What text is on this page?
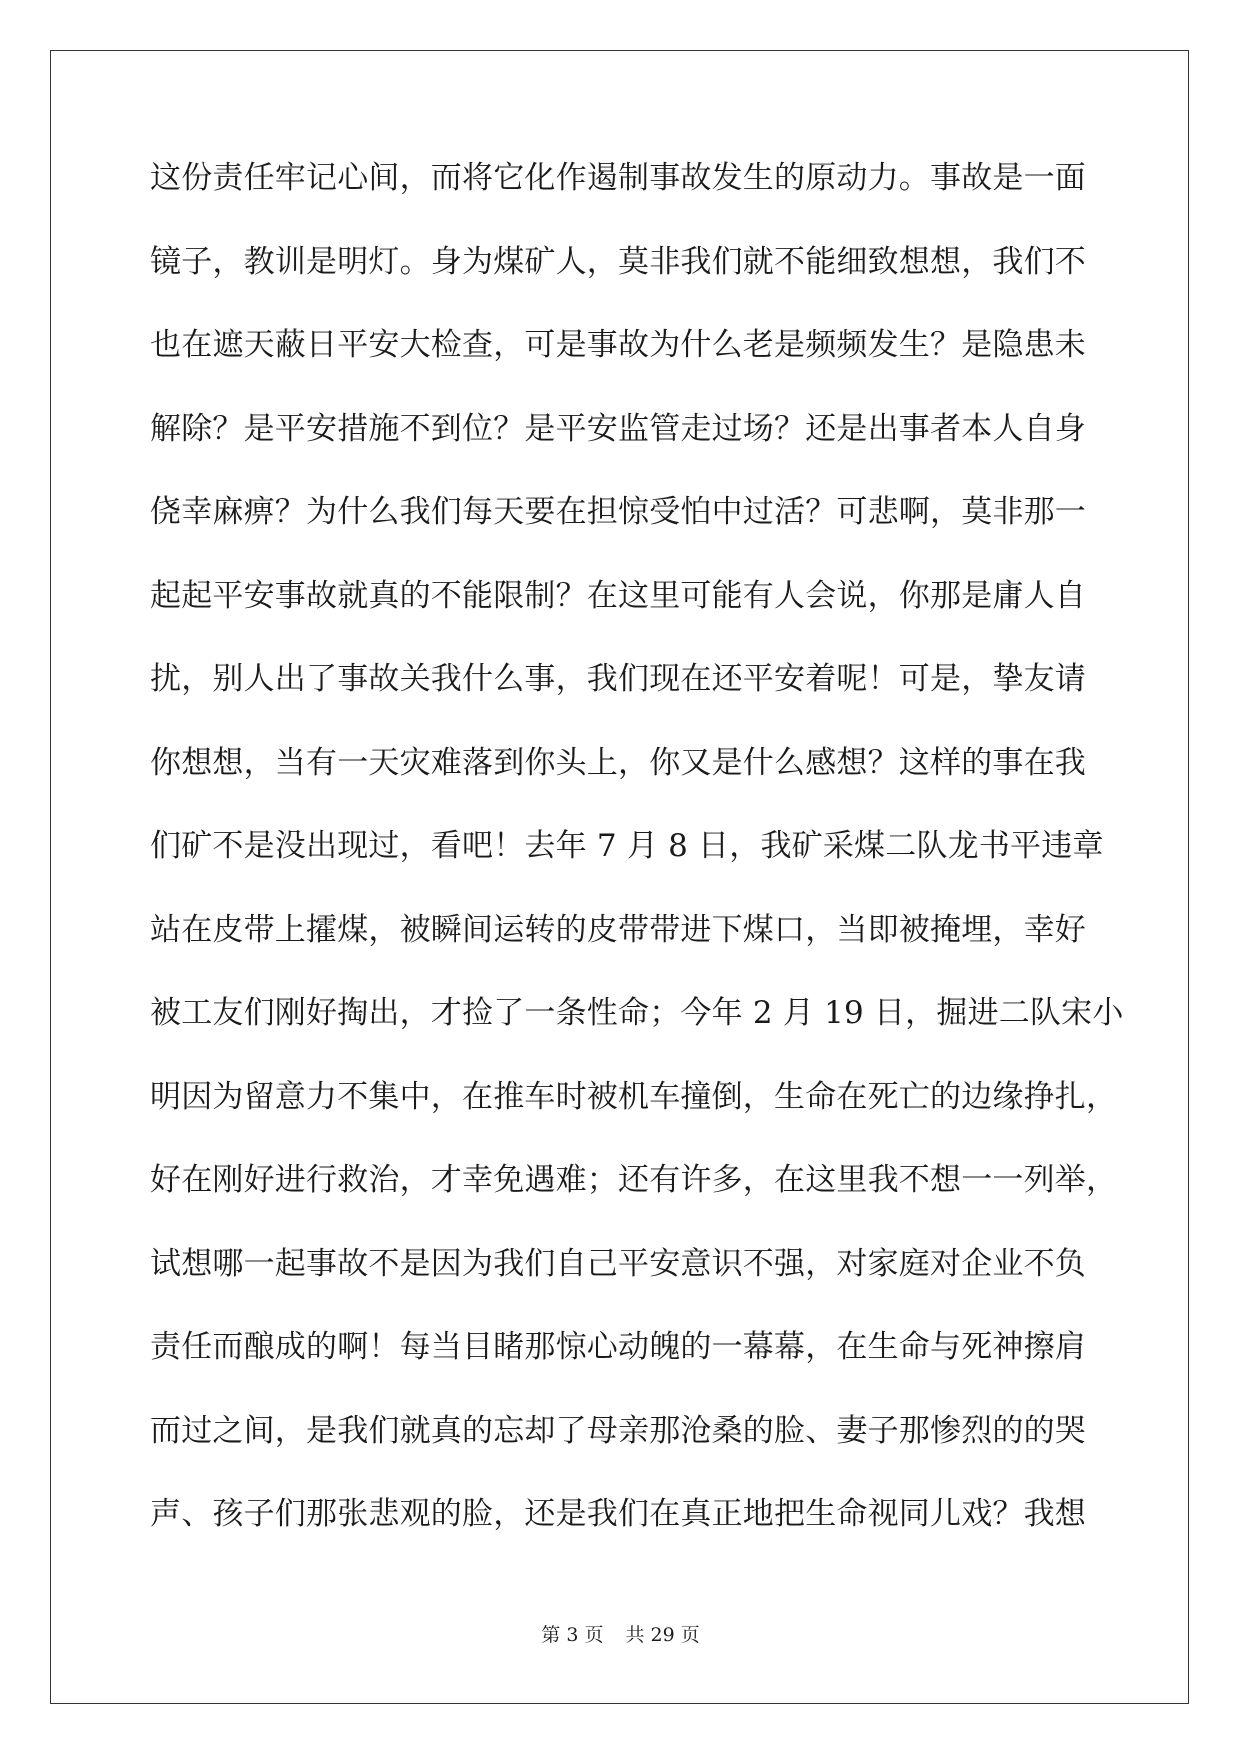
这份责任牢记心间，而将它化作遏制事故发生的原动力。事故是一面
镜子，教训是明灯。身为煤矿人，莫非我们就不能细致想想，我们不
也在遮天蔽日平安大检查，可是事故为什么老是频频发生？是隐患未
解除？是平安措施不到位？是平安监管走过场？还是出事者本人自身
侥幸麻痹？为什么我们每天要在担惊受怕中过活？可悲啊，莫非那一
起起平安事故就真的不能限制？在这里可能有人会说，你那是庸人自
扰，别人出了事故关我什么事，我们现在还平安着呢！可是，挚友请
你想想，当有一天灾难落到你头上，你又是什么感想？这样的事在我
们矿不是没出现过，看吧！去年 7 月 8 日，我矿采煤二队龙书平违章
站在皮带上攉煤，被瞬间运转的皮带带进下煤口，当即被掩埋，幸好
被工友们刚好掏出，才捡了一条性命；今年 2 月 19 日，掘进二队宋小
明因为留意力不集中，在推车时被机车撞倒，生命在死亡的边缘挣扎，
好在刚好进行救治，才幸免遇难；还有许多，在这里我不想一一列举，
试想哪一起事故不是因为我们自己平安意识不强，对家庭对企业不负
责任而酿成的啊！每当目睹那惊心动魄的一幕幕，在生命与死神擦肩
而过之间，是我们就真的忘却了母亲那沧桑的脸、妻子那惨烈的的哭
声、孩子们那张悲观的脸，还是我们在真正地把生命视同儿戏？我想
第 3 页 共 29 页
